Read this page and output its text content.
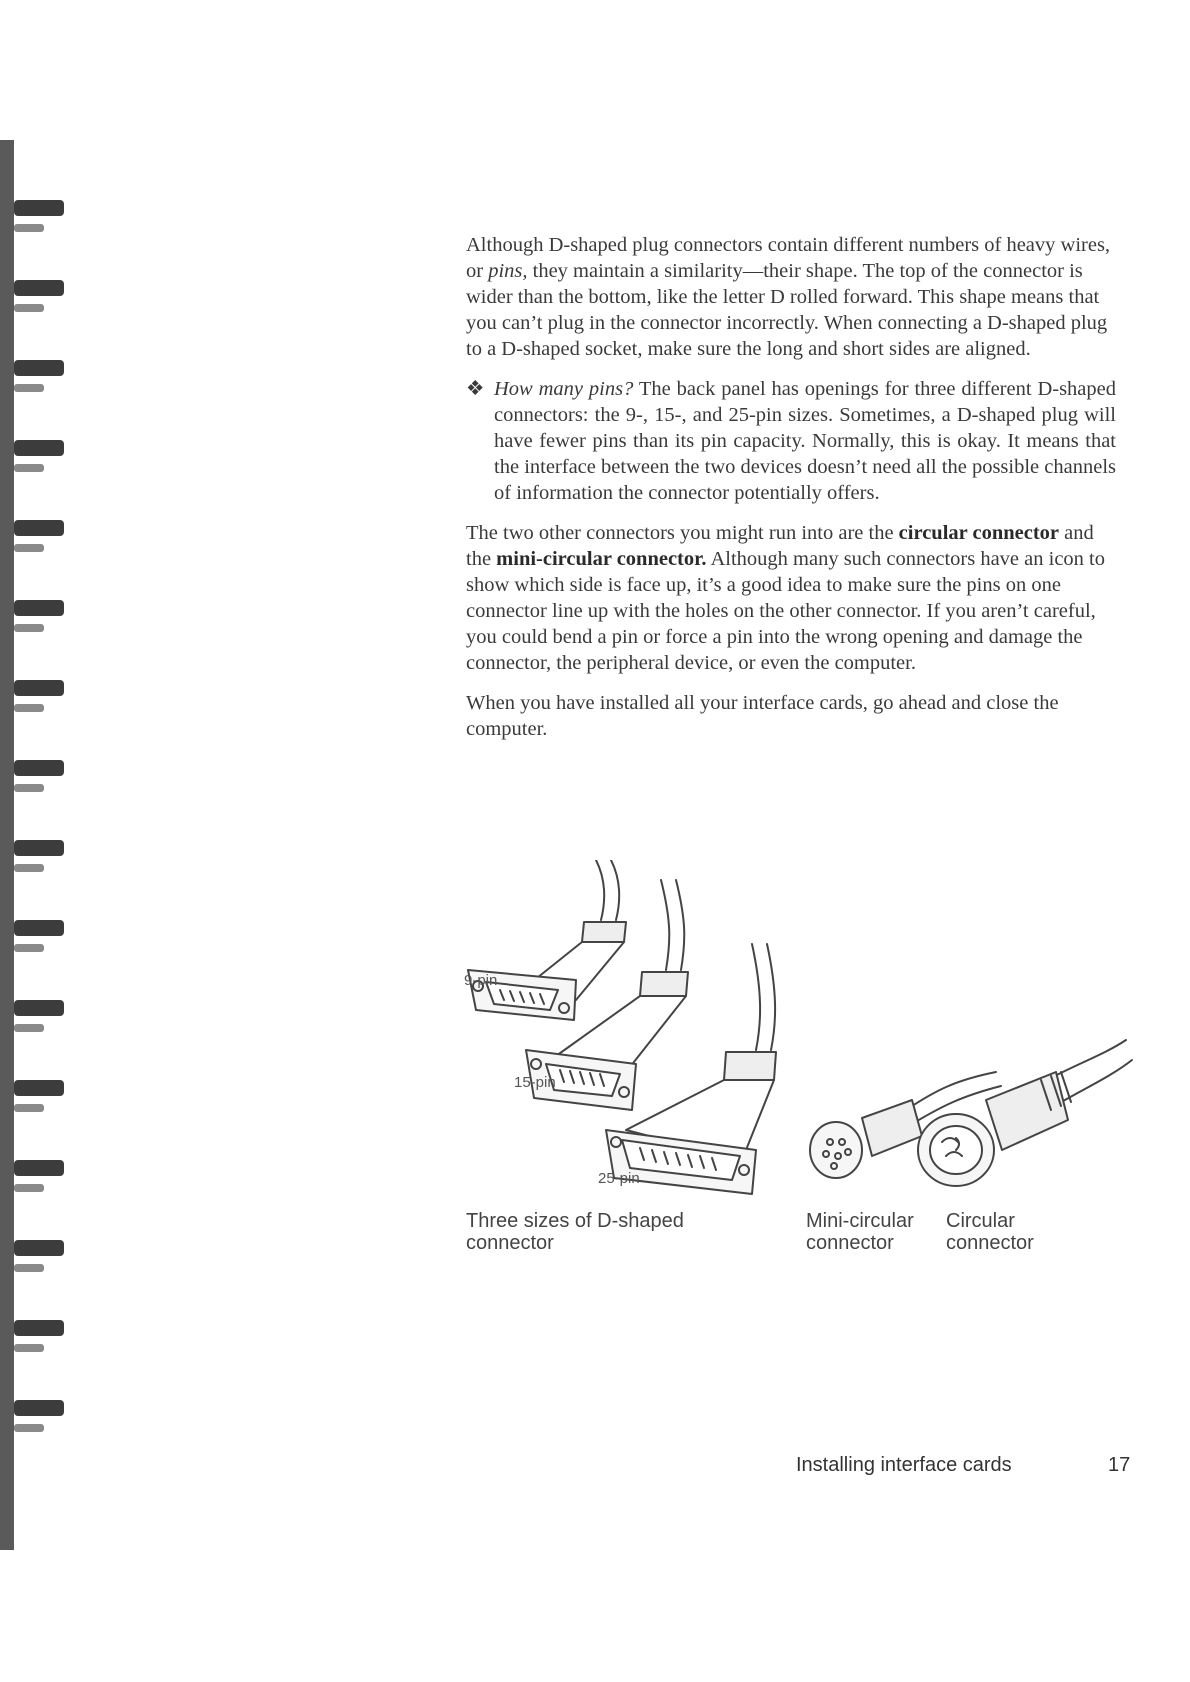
Although D-shaped plug connectors contain different numbers of heavy wires, or pins, they maintain a similarity—their shape. The top of the connector is wider than the bottom, like the letter D rolled forward. This shape means that you can’t plug in the connector incorrectly. When connecting a D-shaped plug to a D-shaped socket, make sure the long and short sides are aligned.

❖ How many pins? The back panel has openings for three different D-shaped connectors: the 9-, 15-, and 25-pin sizes. Sometimes, a D-shaped plug will have fewer pins than its pin capacity. Normally, this is okay. It means that the interface between the two devices doesn’t need all the possible channels of information the connector potentially offers.

The two other connectors you might run into are the circular connector and the mini-circular connector. Although many such connectors have an icon to show which side is face up, it’s a good idea to make sure the pins on one connector line up with the holes on the other connector. If you aren’t careful, you could bend a pin or force a pin into the wrong opening and damage the connector, the peripheral device, or even the computer.

When you have installed all your interface cards, go ahead and close the computer.

9-pin
15-pin
25-pin
Three sizes of D-shaped
connector
Mini-circular
connector
Circular
connector
Installing interface cards	17
